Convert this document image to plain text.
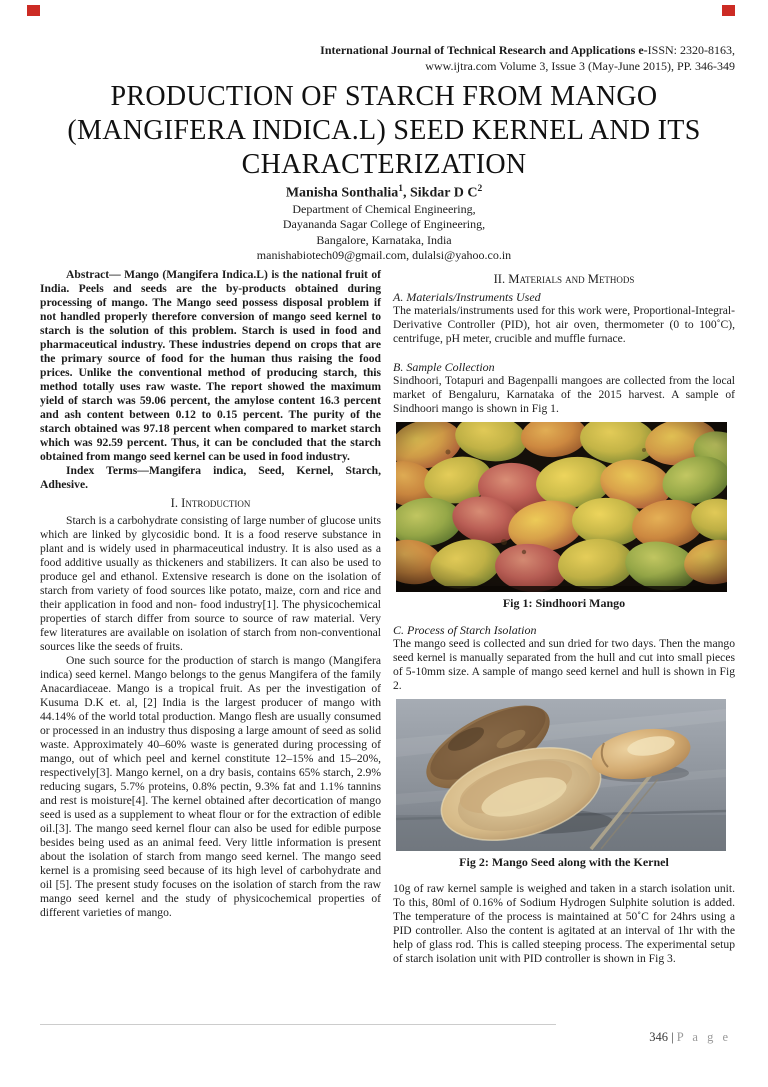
International Journal of Technical Research and Applications e-ISSN: 2320-8163,
www.ijtra.com Volume 3, Issue 3 (May-June 2015), PP. 346-349
PRODUCTION OF STARCH FROM MANGO (MANGIFERA INDICA.L) SEED KERNEL AND ITS CHARACTERIZATION
Manisha Sonthalia$^1$, Sikdar D $C^2$
Department of Chemical Engineering,
Dayananda Sagar College of Engineering,
Bangalore, Karnataka, India
manishabiotech09@gmail.com, dulalsi@yahoo.co.in

Abstract— Mango (Mangifera Indica.L) is the national fruit of India. Peels and seeds are the by-products obtained during processing of mango. The Mango seed possess disposal problem if not handled properly therefore conversion of mango seed kernel to starch is the solution of this problem. Starch is used in food and pharmaceutical industry. These industries depend on crops that are the primary source of food for the human thus raising the food prices. Unlike the conventional method of producing starch, this method totally uses raw waste. The report showed the maximum yield of starch was 59.06 percent, the amylose content 16.3 percent and ash content between 0.12 to 0.15 percent. The purity of the starch obtained was 97.18 percent when compared to market starch which was 92.59 percent. Thus, it can be concluded that the starch obtained from mango seed kernel can be used in food industry.

Index Terms—Mangifera indica, Seed, Kernel, Starch, Adhesive.

I. Introduction

Starch is a carbohydrate consisting of large number of glucose units which are linked by glycosidic bond. It is a food reserve substance in plant and is widely used in pharmaceutical industry. It is also used as a food additive usually as thickeners and stabilizers. It can also be used to produce gel and ethanol. Extensive research is done on the isolation of starch from variety of food sources like potato, maize, corn and rice and their application in food and non- food industry[1]. The physicochemical properties of starch differ from source to source of raw material. Very few literatures are available on isolation of starch from non-conventional sources like the seeds of fruits.

One such source for the production of starch is mango (Mangifera indica) seed kernel. Mango belongs to the genus Mangifera of the family Anacardiaceae. Mango is a tropical fruit. As per the investigation of Kusuma D.K et. al, [2] India is the largest producer of mango with 44.14% of the world total production. Mango flesh are usually consumed or processed in an industry thus disposing a large amount of seed as solid waste. Approximately 40–60% waste is generated during processing of mango, out of which peel and kernel constitute 12–15% and 15–20%, respectively[3]. Mango kernel, on a dry basis, contains 65% starch, 2.9% reducing sugars, 5.7% proteins, 0.8% pectin, 9.3% fat and 1.1% tannins and rest is moisture[4]. The kernel obtained after decortication of mango seed is used as a supplement to wheat flour or for the extraction of edible oil.[3]. The mango seed kernel flour can also be used for edible purpose besides being used as an animal feed. Very little information is present about the isolation of starch from mango seed kernel. The mango seed kernel is a promising seed because of its high level of carbohydrate and oil [5]. The present study focuses on the isolation of starch from the raw mango seed kernel and the study of physicochemical properties of different varieties of mango.

II. Materials and Methods

A. Materials/Instruments Used

The materials/instruments used for this work were, Proportional-Integral-Derivative Controller (PID), hot air oven, thermometer (0 to 100˚C), centrifuge, pH meter, crucible and muffle furnace.

B. Sample Collection

Sindhoori, Totapuri and Bagenpalli mangoes are collected from the local market of Bengaluru, Karnataka of the 2015 harvest. A sample of Sindhoori mango is shown in Fig 1.

Fig 1: Sindhoori Mango

C. Process of Starch Isolation

The mango seed is collected and sun dried for two days. Then the mango seed kernel is manually separated from the hull and cut into small pieces of 5-10mm size. A sample of mango seed kernel and hull is shown in Fig 2.

Fig 2: Mango Seed along with the Kernel

10g of raw kernel sample is weighed and taken in a starch isolation unit. To this, 80ml of 0.16% of Sodium Hydrogen Sulphite solution is added. The temperature of the process is maintained at 50˚C for 24hrs using a PID controller. Also the content is agitated at an interval of 1hr with the help of glass rod. This is called steeping process. The experimental setup of starch isolation unit with PID controller is shown in Fig 3.

346 | P a g e
